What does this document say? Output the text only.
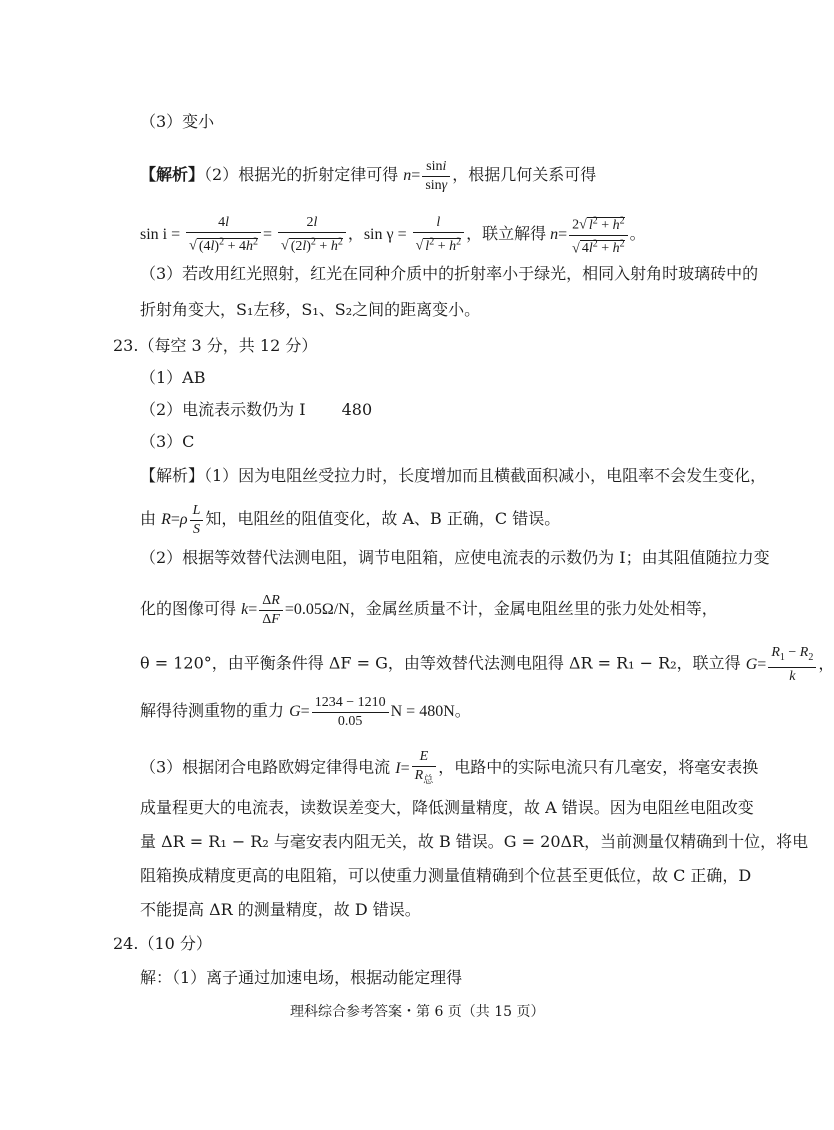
（3）变小
【解析】（2）根据光的折射定律可得 $n= \frac{\sin i}{\sin\gamma}$ ，根据几何关系可得
$\sin i = \frac{4l}{√ (4l)^2 + 4h^2} = \frac{2l}{√ (2l)^2 + h^2}$ ，$\sin \gamma = \frac{l}{√ l^2 + h^2}$ ，联立解得 $n= \frac{2√ l^2 + h^2}{√ 4l^2 + h^2}$ 。
（3）若改用红光照射，红光在同种介质中的折射率小于绿光，相同入射角时玻璃砖中的
折射角变大，S₁左移，S₁、S₂之间的距离变小。
23.（每空 3 分，共 12 分）
（1）AB
（2）电流表示数仍为 I 480
（3）C
【解析】（1）因为电阻丝受拉力时，长度增加而且横截面积减小，电阻率不会发生变化，
由 $R=\rho \frac{L}{S}$ 知，电阻丝的阻值变化，故 A、B 正确，C 错误。
（2）根据等效替代法测电阻，调节电阻箱，应使电流表的示数仍为 I；由其阻值随拉力变
化的图像可得 $k= \frac{\Delta R}{\Delta F} =0.05\Omega/N$，金属丝质量不计，金属电阻丝里的张力处处相等，
θ = 120°，由平衡条件得 ΔF = G，由等效替代法测电阻得 ΔR = R₁ − R₂，联立得 $G= \frac{R_1 - R_2}{k}$ ，
解得待测重物的重力 $G= \frac{1234 - 1210}{0.05}$ N = 480N。
（3）根据闭合电路欧姆定律得电流 $I= \frac{E}{R_总}$ ，电路中的实际电流只有几毫安，将毫安表换
成量程更大的电流表，读数误差变大，降低测量精度，故 A 错误。因为电阻丝电阻改变
量 ΔR = R₁ − R₂ 与毫安表内阻无关，故 B 错误。G = 20ΔR，当前测量仅精确到十位，将电
阻箱换成精度更高的电阻箱，可以使重力测量值精确到个位甚至更低位，故 C 正确，D
不能提高 ΔR 的测量精度，故 D 错误。
24.（10 分）
解：（1）离子通过加速电场，根据动能定理得
理科综合参考答案・第 6 页（共 15 页）
